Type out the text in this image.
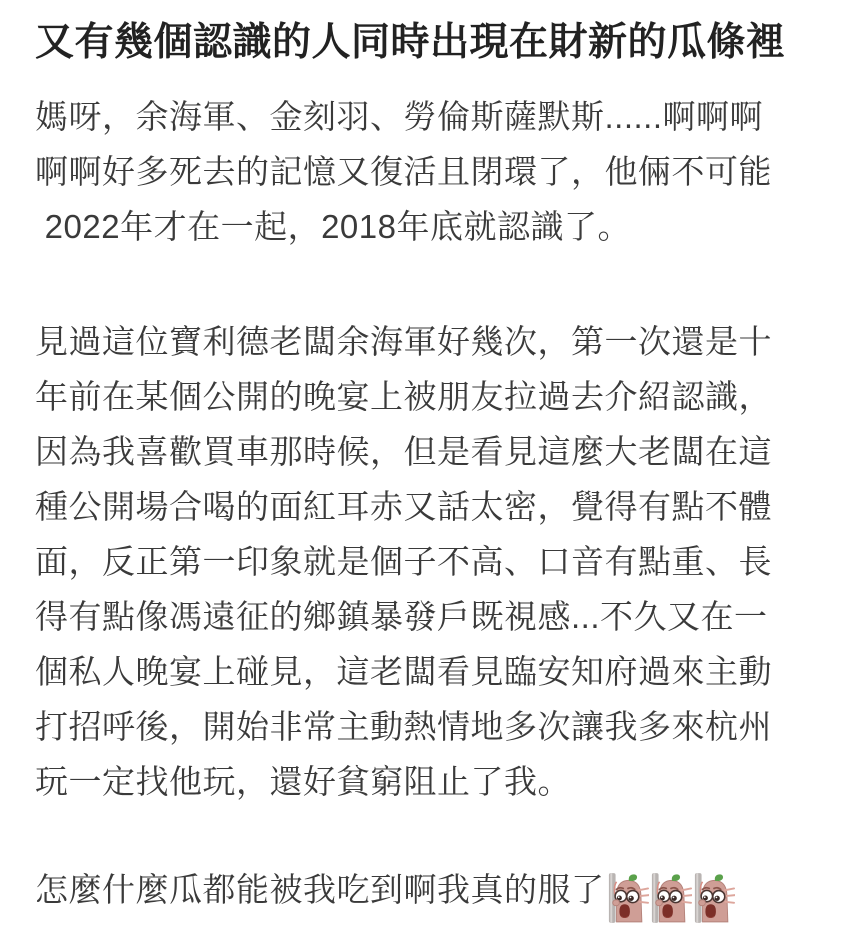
又有幾個認識的人同時出現在財新的瓜條裡

媽呀，余海軍、金刻羽、勞倫斯薩默斯......啊啊啊
啊啊好多死去的記憶又復活且閉環了，他倆不可能
2022年才在一起，2018年底就認識了。

見過這位寶利德老闆余海軍好幾次，第一次還是十
年前在某個公開的晚宴上被朋友拉過去介紹認識，
因為我喜歡買車那時候，但是看見這麼大老闆在這
種公開場合喝的面紅耳赤又話太密，覺得有點不體
面，反正第一印象就是個子不高、口音有點重、長
得有點像馮遠征的鄉鎮暴發戶既視感...不久又在一
個私人晚宴上碰見，這老闆看見臨安知府過來主動
打招呼後，開始非常主動熱情地多次讓我多來杭州
玩一定找他玩，還好貧窮阻止了我。

怎麼什麼瓜都能被我吃到啊我真的服了
